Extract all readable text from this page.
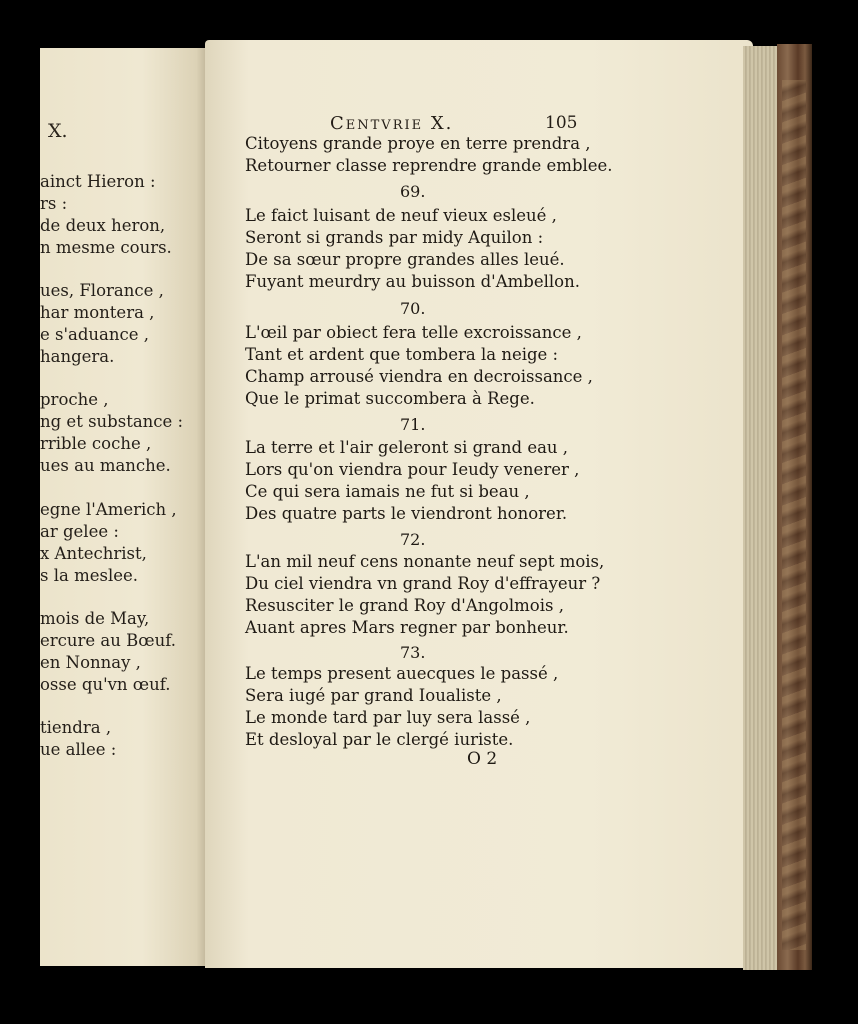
X.
ainct Hieron :
rs :
de deux heron,
n mesme cours.
ues, Florance ,
har montera ,
e s'aduance ,
hangera.
proche ,
ng et substance :
rrible coche ,
ues au manche.
egne l'Americh ,
ar gelee :
x Antechrist,
s la meslee.
mois de May,
ercure au Bœuf.
en Nonnay ,
osse qu'vn œuf.
tiendra ,
ue allee :
Centvrie X.	105
Citoyens grande proye en terre prendra ,
Retourner classe reprendre grande emblee.
69.
Le faict luisant de neuf vieux esleué ,
Seront si grands par midy Aquilon :
De sa sœur propre grandes alles leué.
Fuyant meurdry au buisson d'Ambellon.
70.
L'œil par obiect fera telle excroissance ,
Tant et ardent que tombera la neige :
Champ arrousé viendra en decroissance ,
Que le primat succombera à Rege.
71.
La terre et l'air geleront si grand eau ,
Lors qu'on viendra pour Ieudy venerer ,
Ce qui sera iamais ne fut si beau ,
Des quatre parts le viendront honorer.
72.
L'an mil neuf cens nonante neuf sept mois,
Du ciel viendra vn grand Roy d'effrayeur ?
Resusciter le grand Roy d'Angolmois ,
Auant apres Mars regner par bonheur.
73.
Le temps present auecques le passé ,
Sera iugé par grand Ioualiste ,
Le monde tard par luy sera lassé ,
Et desloyal par le clergé iuriste.
O 2
